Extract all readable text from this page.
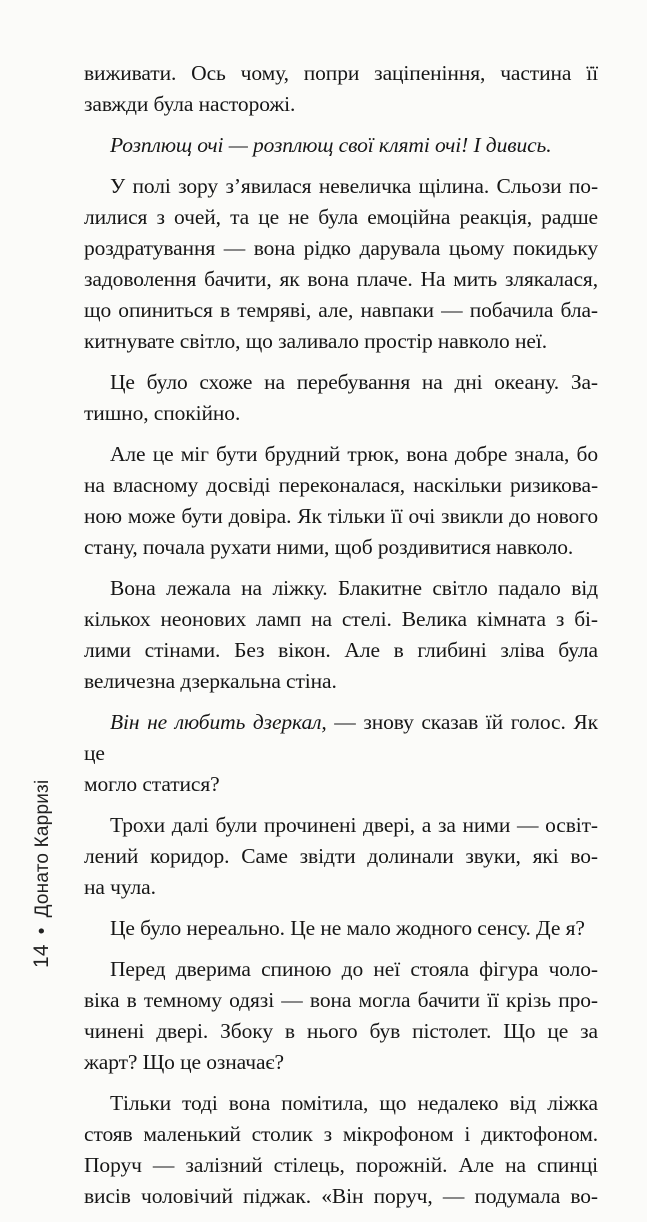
виживати. Ось чому, попри заціпеніння, частина її
завжди була насторожі.

Розплющ очі — розплющ свої кляті очі! І дивись.

У полі зору з’явилася невеличка щілина. Сльози по-
лилися з очей, та це не була емоційна реакція, радше
роздратування — вона рідко дарувала цьому покидьку
задоволення бачити, як вона плаче. На мить злякалася,
що опиниться в темряві, але, навпаки — побачила бла-
китнувате світло, що заливало простір навколо неї.

Це було схоже на перебування на дні океану. За-
тишно, спокійно.

Але це міг бути брудний трюк, вона добре знала, бо
на власному досвіді переконалася, наскільки ризикова-
ною може бути довіра. Як тільки її очі звикли до нового
стану, почала рухати ними, щоб роздивитися навколо.

Вона лежала на ліжку. Блакитне світло падало від
кількох неонових ламп на стелі. Велика кімната з бі-
лими стінами. Без вікон. Але в глибині зліва була
величезна дзеркальна стіна.

Він не любить дзеркал, — знову сказав їй голос. Як це
могло статися?

Трохи далі були прочинені двері, а за ними — освіт-
лений коридор. Саме звідти долинали звуки, які во-
на чула.

Це було нереально. Це не мало жодного сенсу. Де я?

Перед дверима спиною до неї стояла фігура чоло-
віка в темному одязі — вона могла бачити її крізь про-
чинені двері. Збоку в нього був пістолет. Що це за
жарт? Що це означає?

Тільки тоді вона помітила, що недалеко від ліжка
стояв маленький столик з мікрофоном і диктофоном.
Поруч — залізний стілець, порожній. Але на спинці
висів чоловічий піджак. «Він поруч, — подумала во-

14•Донато Карризі
